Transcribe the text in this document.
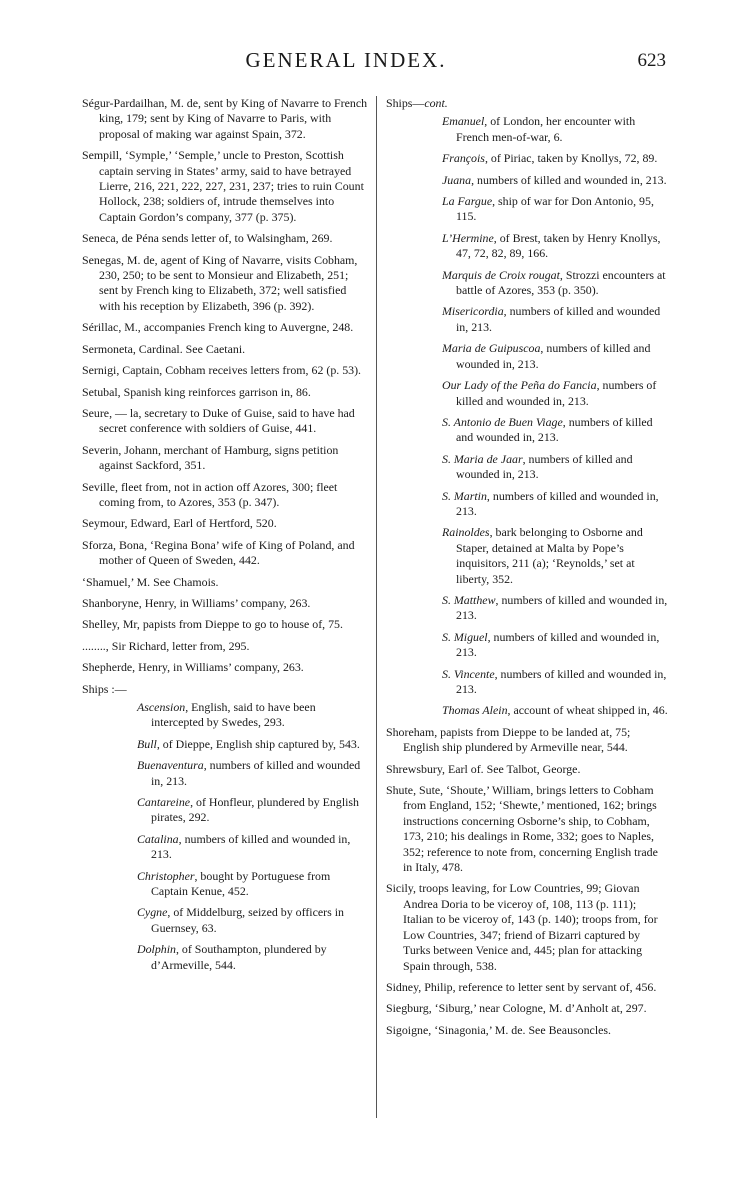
GENERAL INDEX.	623
Ségur-Pardailhan, M. de, sent by King of Navarre to French king, 179; sent by King of Navarre to Paris, with proposal of making war against Spain, 372.
Sempill, ‘Symple,’ ‘Semple,’ uncle to Preston, Scottish captain serving in States’ army, said to have betrayed Lierre, 216, 221, 222, 227, 231, 237; tries to ruin Count Hollock, 238; soldiers of, intrude themselves into Captain Gordon’s company, 377 (p. 375).
Seneca, de Péna sends letter of, to Walsingham, 269.
Senegas, M. de, agent of King of Navarre, visits Cobham, 230, 250; to be sent to Monsieur and Elizabeth, 251; sent by French king to Elizabeth, 372; well satisfied with his reception by Elizabeth, 396 (p. 392).
Sérillac, M., accompanies French king to Auvergne, 248.
Sermoneta, Cardinal. See Caetani.
Sernigi, Captain, Cobham receives letters from, 62 (p. 53).
Setubal, Spanish king reinforces garrison in, 86.
Seure, — la, secretary to Duke of Guise, said to have had secret conference with soldiers of Guise, 441.
Severin, Johann, merchant of Hamburg, signs petition against Sackford, 351.
Seville, fleet from, not in action off Azores, 300; fleet coming from, to Azores, 353 (p. 347).
Seymour, Edward, Earl of Hertford, 520.
Sforza, Bona, ‘Regina Bona’ wife of King of Poland, and mother of Queen of Sweden, 442.
‘Shamuel,’ M. See Chamois.
Shanboryne, Henry, in Williams’ company, 263.
Shelley, Mr, papists from Dieppe to go to house of, 75.
........, Sir Richard, letter from, 295.
Shepherde, Henry, in Williams’ company, 263.
Ships :—
Ascension, English, said to have been intercepted by Swedes, 293.
Bull, of Dieppe, English ship captured by, 543.
Buenaventura, numbers of killed and wounded in, 213.
Cantareine, of Honfleur, plundered by English pirates, 292.
Catalina, numbers of killed and wounded in, 213.
Christopher, bought by Portuguese from Captain Kenue, 452.
Cygne, of Middelburg, seized by officers in Guernsey, 63.
Dolphin, of Southampton, plundered by d’Armeville, 544.
Ships—cont.
Emanuel, of London, her encounter with French men-of-war, 6.
François, of Piriac, taken by Knollys, 72, 89.
Juana, numbers of killed and wounded in, 213.
La Fargue, ship of war for Don Antonio, 95, 115.
L’Hermine, of Brest, taken by Henry Knollys, 47, 72, 82, 89, 166.
Marquis de Croix rougat, Strozzi encounters at battle of Azores, 353 (p. 350).
Misericordia, numbers of killed and wounded in, 213.
Maria de Guipuscoa, numbers of killed and wounded in, 213.
Our Lady of the Peña do Fancia, numbers of killed and wounded in, 213.
S. Antonio de Buen Viage, numbers of killed and wounded in, 213.
S. Maria de Jaar, numbers of killed and wounded in, 213.
S. Martin, numbers of killed and wounded in, 213.
Rainoldes, bark belonging to Osborne and Staper, detained at Malta by Pope’s inquisitors, 211 (a); ‘Reynolds,’ set at liberty, 352.
S. Matthew, numbers of killed and wounded in, 213.
S. Miguel, numbers of killed and wounded in, 213.
S. Vincente, numbers of killed and wounded in, 213.
Thomas Alein, account of wheat shipped in, 46.
Shoreham, papists from Dieppe to be landed at, 75; English ship plundered by Armeville near, 544.
Shrewsbury, Earl of. See Talbot, George.
Shute, Sute, ‘Shoute,’ William, brings letters to Cobham from England, 152; ‘Shewte,’ mentioned, 162; brings instructions concerning Osborne’s ship, to Cobham, 173, 210; his dealings in Rome, 332; goes to Naples, 352; reference to note from, concerning English trade in Italy, 478.
Sicily, troops leaving, for Low Countries, 99; Giovan Andrea Doria to be viceroy of, 108, 113 (p. 111); Italian to be viceroy of, 143 (p. 140); troops from, for Low Countries, 347; friend of Bizarri captured by Turks between Venice and, 445; plan for attacking Spain through, 538.
Sidney, Philip, reference to letter sent by servant of, 456.
Siegburg, ‘Siburg,’ near Cologne, M. d’Anholt at, 297.
Sigoigne, ‘Sinagonia,’ M. de. See Beausoncles.
